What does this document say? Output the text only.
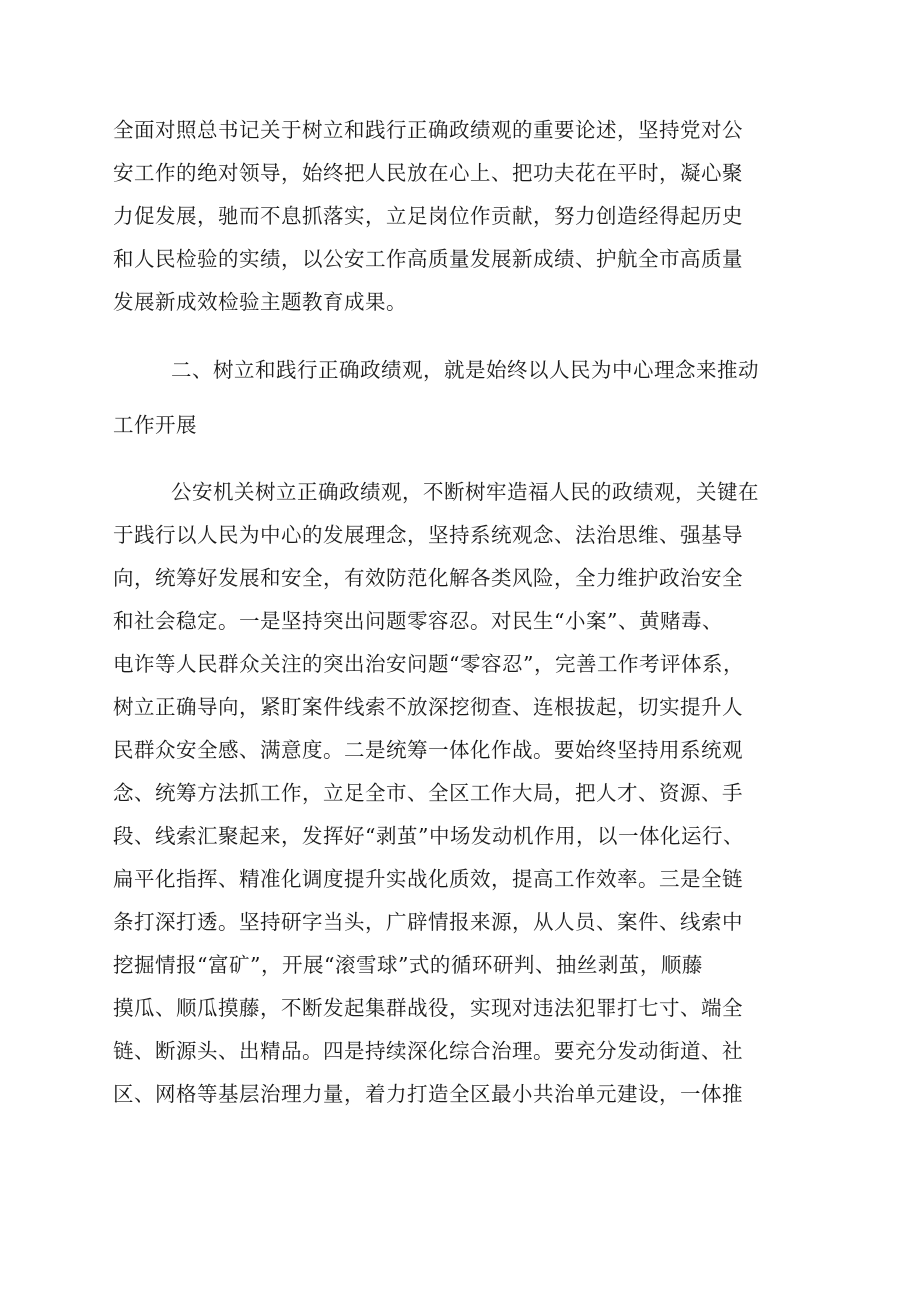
全面对照总书记关于树立和践行正确政绩观的重要论述，坚持党对公
安工作的绝对领导，始终把人民放在心上、把功夫花在平时，凝心聚
力促发展，驰而不息抓落实，立足岗位作贡献，努力创造经得起历史
和人民检验的实绩，以公安工作高质量发展新成绩、护航全市高质量
发展新成效检验主题教育成果。
二、树立和践行正确政绩观，就是始终以人民为中心理念来推动
工作开展
公安机关树立正确政绩观，不断树牢造福人民的政绩观，关键在
于践行以人民为中心的发展理念，坚持系统观念、法治思维、强基导
向，统筹好发展和安全，有效防范化解各类风险，全力维护政治安全
和社会稳定。一是坚持突出问题零容忍。对民生“小案”、黄赌毒、
电诈等人民群众关注的突出治安问题“零容忍”，完善工作考评体系，
树立正确导向，紧盯案件线索不放深挖彻查、连根拔起，切实提升人
民群众安全感、满意度。二是统筹一体化作战。要始终坚持用系统观
念、统筹方法抓工作，立足全市、全区工作大局，把人才、资源、手
段、线索汇聚起来，发挥好“剥茧”中场发动机作用，以一体化运行、
扁平化指挥、精准化调度提升实战化质效，提高工作效率。三是全链
条打深打透。坚持研字当头，广辟情报来源，从人员、案件、线索中
挖掘情报“富矿”，开展“滚雪球”式的循环研判、抽丝剥茧，顺藤
摸瓜、顺瓜摸藤，不断发起集群战役，实现对违法犯罪打七寸、端全
链、断源头、出精品。四是持续深化综合治理。要充分发动街道、社
区、网格等基层治理力量，着力打造全区最小共治单元建设，一体推
